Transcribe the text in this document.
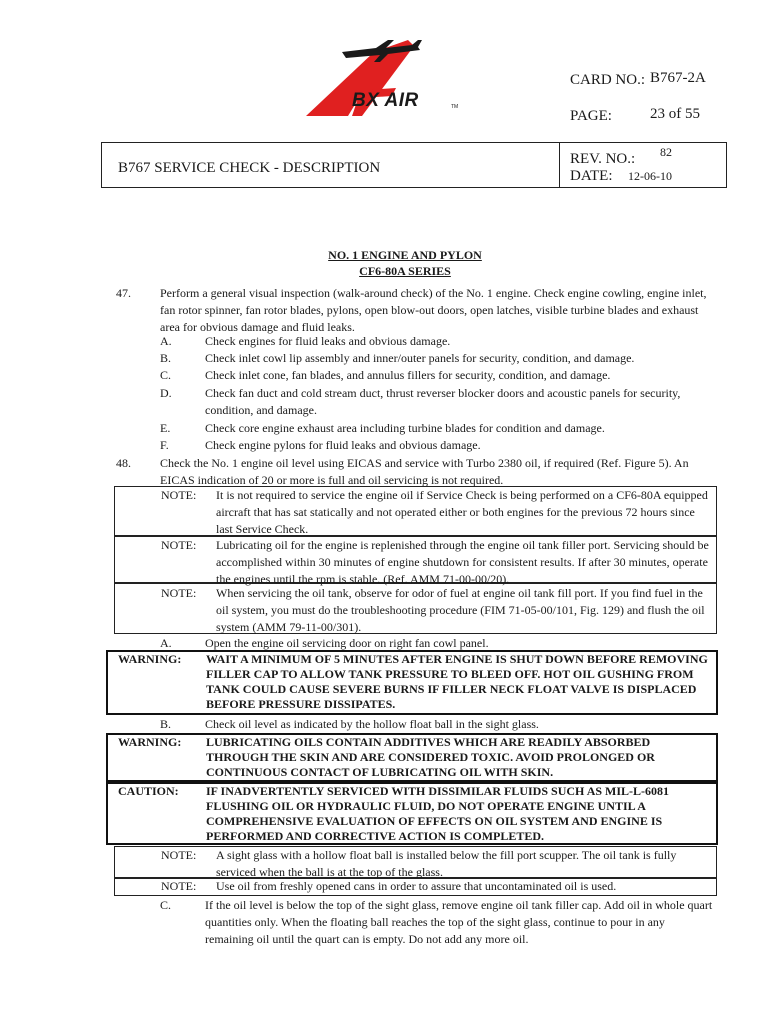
BX AIR	TM
CARD NO.: B767-2A
PAGE:	23 of 55
B767 SERVICE CHECK - DESCRIPTION
REV. NO.: 82
DATE: 12-06-10
NO. 1 ENGINE AND PYLON
CF6-80A SERIES
47. Perform a general visual inspection (walk-around check) of the No. 1 engine. Check engine cowling, engine inlet, fan rotor spinner, fan rotor blades, pylons, open blow-out doors, open latches, visible turbine blades and exhaust area for obvious damage and fluid leaks.
A.	Check engines for fluid leaks and obvious damage.
B.	Check inlet cowl lip assembly and inner/outer panels for security, condition, and damage.
C.	Check inlet cone, fan blades, and annulus fillers for security, condition, and damage.
D.	Check fan duct and cold stream duct, thrust reverser blocker doors and acoustic panels for security, condition, and damage.
E.	Check core engine exhaust area including turbine blades for condition and damage.
F.	Check engine pylons for fluid leaks and obvious damage.
48. Check the No. 1 engine oil level using EICAS and service with Turbo 2380 oil, if required (Ref. Figure 5). An EICAS indication of 20 or more is full and oil servicing is not required.
NOTE: It is not required to service the engine oil if Service Check is being performed on a CF6-80A equipped aircraft that has sat statically and not operated either or both engines for the previous 72 hours since last Service Check.
NOTE: Lubricating oil for the engine is replenished through the engine oil tank filler port. Servicing should be accomplished within 30 minutes of engine shutdown for consistent results. If after 30 minutes, operate the engines until the rpm is stable. (Ref. AMM 71-00-00/20).
NOTE: When servicing the oil tank, observe for odor of fuel at engine oil tank fill port. If you find fuel in the oil system, you must do the troubleshooting procedure (FIM 71-05-00/101, Fig. 129) and flush the oil system (AMM 79-11-00/301).
A.	Open the engine oil servicing door on right fan cowl panel.
WARNING: WAIT A MINIMUM OF 5 MINUTES AFTER ENGINE IS SHUT DOWN BEFORE REMOVING FILLER CAP TO ALLOW TANK PRESSURE TO BLEED OFF. HOT OIL GUSHING FROM TANK COULD CAUSE SEVERE BURNS IF FILLER NECK FLOAT VALVE IS DISPLACED BEFORE PRESSURE DISSIPATES.
B.	Check oil level as indicated by the hollow float ball in the sight glass.
WARNING: LUBRICATING OILS CONTAIN ADDITIVES WHICH ARE READILY ABSORBED THROUGH THE SKIN AND ARE CONSIDERED TOXIC. AVOID PROLONGED OR CONTINUOUS CONTACT OF LUBRICATING OIL WITH SKIN.
CAUTION: IF INADVERTENTLY SERVICED WITH DISSIMILAR FLUIDS SUCH AS MIL-L-6081 FLUSHING OIL OR HYDRAULIC FLUID, DO NOT OPERATE ENGINE UNTIL A COMPREHENSIVE EVALUATION OF EFFECTS ON OIL SYSTEM AND ENGINE IS PERFORMED AND CORRECTIVE ACTION IS COMPLETED.
NOTE: A sight glass with a hollow float ball is installed below the fill port scupper. The oil tank is fully serviced when the ball is at the top of the glass.
NOTE: Use oil from freshly opened cans in order to assure that uncontaminated oil is used.
C.	If the oil level is below the top of the sight glass, remove engine oil tank filler cap. Add oil in whole quart quantities only. When the floating ball reaches the top of the sight glass, continue to pour in any remaining oil until the quart can is empty. Do not add any more oil.
